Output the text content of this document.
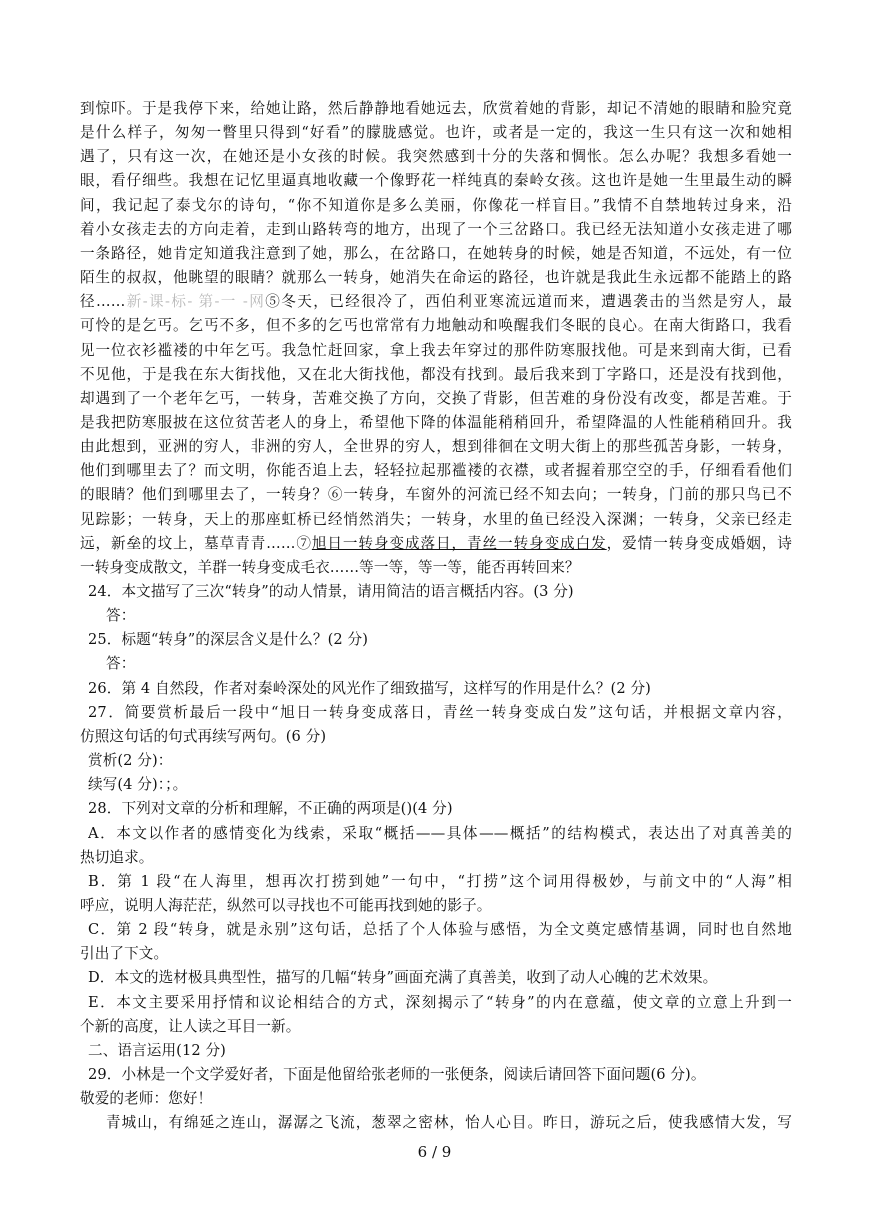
到惊吓。于是我停下来，给她让路，然后静静地看她远去，欣赏着她的背影，却记不清她的眼睛和脸究竟
是什么样子，匆匆一瞥里只得到“好看”的朦胧感觉。也许，或者是一定的，我这一生只有这一次和她相
遇了，只有这一次，在她还是小女孩的时候。我突然感到十分的失落和惆怅。怎么办呢？我想多看她一
眼，看仔细些。我想在记忆里逼真地收藏一个像野花一样纯真的秦岭女孩。这也许是她一生里最生动的瞬
间，我记起了泰戈尔的诗句，“你不知道你是多么美丽，你像花一样盲目。”我情不自禁地转过身来，沿
着小女孩走去的方向走着，走到山路转弯的地方，出现了一个三岔路口。我已经无法知道小女孩走进了哪
一条路径，她肯定知道我注意到了她，那么，在岔路口，在她转身的时候，她是否知道，不远处，有一位
陌生的叔叔，他眺望的眼睛？就那么一转身，她消失在命运的路径，也许就是我此生永远都不能踏上的路
径……新-课-标- 第-一 -网⑤冬天，已经很冷了，西伯利亚寒流远道而来，遭遇袭击的当然是穷人，最
可怜的是乞丐。乞丐不多，但不多的乞丐也常常有力地触动和唤醒我们冬眠的良心。在南大街路口，我看
见一位衣衫褴褛的中年乞丐。我急忙赶回家，拿上我去年穿过的那件防寒服找他。可是来到南大街，已看
不见他，于是我在东大街找他，又在北大街找他，都没有找到。最后我来到丁字路口，还是没有找到他，
却遇到了一个老年乞丐，一转身，苦难交换了方向，交换了背影，但苦难的身份没有改变，都是苦难。于
是我把防寒服披在这位贫苦老人的身上，希望他下降的体温能稍稍回升，希望降温的人性能稍稍回升。我
由此想到，亚洲的穷人，非洲的穷人，全世界的穷人，想到徘徊在文明大街上的那些孤苦身影，一转身，
他们到哪里去了？而文明，你能否追上去，轻轻拉起那褴褛的衣襟，或者握着那空空的手，仔细看看他们
的眼睛？他们到哪里去了，一转身？⑥一转身，车窗外的河流已经不知去向；一转身，门前的那只鸟已不
见踪影；一转身，天上的那座虹桥已经悄然消失；一转身，水里的鱼已经没入深渊；一转身，父亲已经走
远，新垒的坟上，墓草青青……⑦旭日一转身变成落日，青丝一转身变成白发，爱情一转身变成婚姻，诗
一转身变成散文，羊群一转身变成毛衣……等一等，等一等，能否再转回来？
24．本文描写了三次“转身”的动人情景，请用简洁的语言概括内容。(3 分)
答：
25．标题“转身”的深层含义是什么？(2 分)
答：
26．第 4 自然段，作者对秦岭深处的风光作了细致描写，这样写的作用是什么？(2 分)
27．简要赏析最后一段中“旭日一转身变成落日，青丝一转身变成白发”这句话，并根据文章内容，
仿照这句话的句式再续写两句。(6 分)
赏析(2 分)：
续写(4 分)：；。
28．下列对文章的分析和理解，不正确的两项是()(4 分)
A．本文以作者的感情变化为线索，采取“概括——具体——概括”的结构模式，表达出了对真善美的
热切追求。
B．第 1 段“在人海里，想再次打捞到她”一句中，“打捞”这个词用得极妙，与前文中的“人海”相
呼应，说明人海茫茫，纵然可以寻找也不可能再找到她的影子。
C．第 2 段“转身，就是永别”这句话，总括了个人体验与感悟，为全文奠定感情基调，同时也自然地
引出了下文。
D．本文的选材极具典型性，描写的几幅“转身”画面充满了真善美，收到了动人心魄的艺术效果。
E．本文主要采用抒情和议论相结合的方式，深刻揭示了“转身”的内在意蕴，使文章的立意上升到一
个新的高度，让人读之耳目一新。
二、语言运用(12 分)
29．小林是一个文学爱好者，下面是他留给张老师的一张便条，阅读后请回答下面问题(6 分)。
敬爱的老师：您好！
青城山，有绵延之连山，潺潺之飞流，葱翠之密林，怡人心目。昨日，游玩之后，使我感情大发，写
6 / 9
